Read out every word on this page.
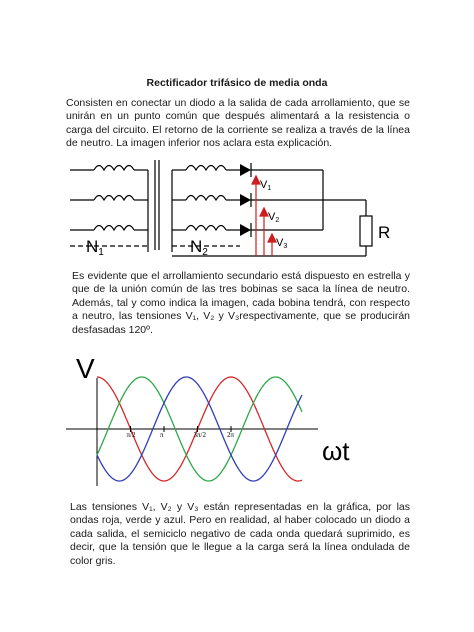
Rectificador trifásico de media onda
Consisten en conectar un diodo a la salida de cada arrollamiento, que se unirán en un punto común que después alimentará a la resistencia o carga del circuito. El retorno de la corriente se realiza a través de la línea de neutro. La imagen inferior nos aclara esta explicación.
N1	N2
V1
V2
V3
R
Es evidente que el arrollamiento secundario está dispuesto en estrella y que de la unión común de las tres bobinas se saca la línea de neutro. Además, tal y como indica la imagen, cada bobina tendrá, con respecto a neutro, las tensiones V₁, V₂ y V₃respectivamente, que se producirán desfasadas 120º.
π/2	π	3π/2	2π
V
ωt
Las tensiones V₁, V₂ y V₃ están representadas en la gráfica, por las ondas roja, verde y azul. Pero en realidad, al haber colocado un diodo a cada salida, el semiciclo negativo de cada onda quedará suprimido, es decir, que la tensión que le llegue a la carga será la línea ondulada de color gris.
